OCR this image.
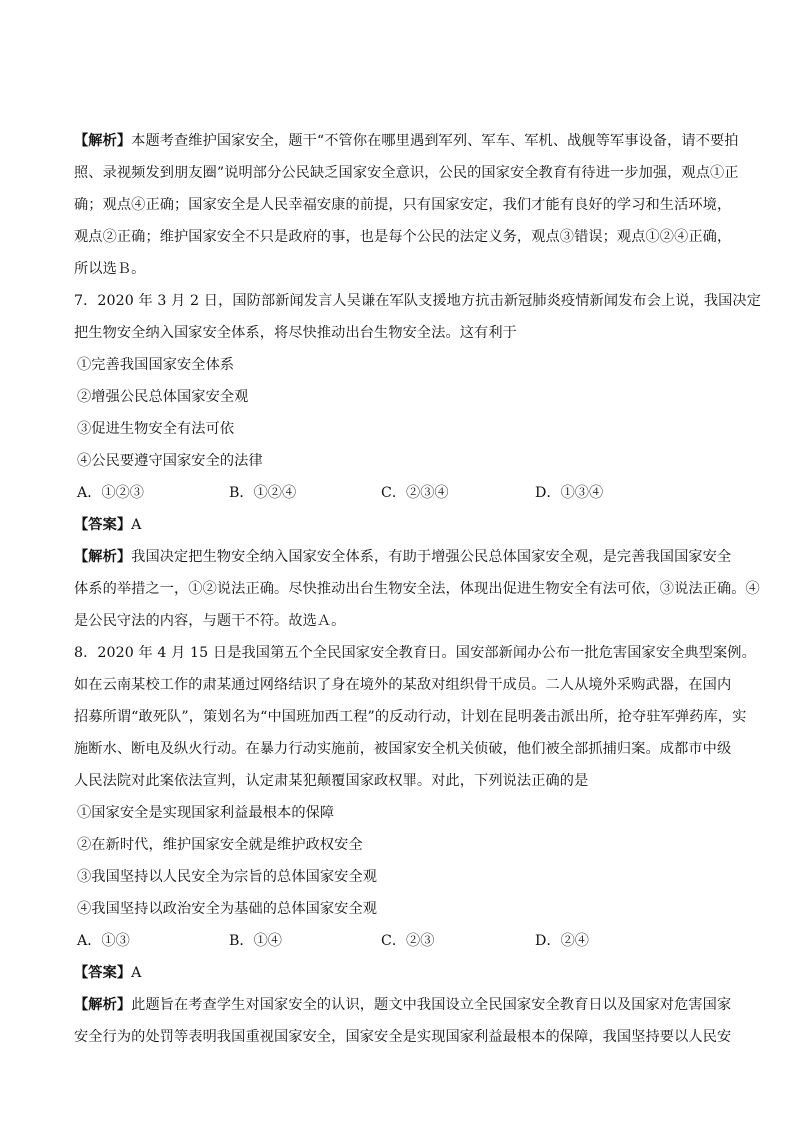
【解析】本题考查维护国家安全，题干“不管你在哪里遇到军列、军车、军机、战舰等军事设备，请不要拍
照、录视频发到朋友圈”说明部分公民缺乏国家安全意识，公民的国家安全教育有待进一步加强，观点①正
确；观点④正确；国家安全是人民幸福安康的前提，只有国家安定，我们才能有良好的学习和生活环境，
观点②正确；维护国家安全不只是政府的事，也是每个公民的法定义务，观点③错误；观点①②④正确，
所以选Ｂ。
7．2020 年 3 月 2 日，国防部新闻发言人吴谦在军队支援地方抗击新冠肺炎疫情新闻发布会上说，我国决定
把生物安全纳入国家安全体系，将尽快推动出台生物安全法。这有利于
①完善我国国家安全体系
②增强公民总体国家安全观
③促进生物安全有法可依
④公民要遵守国家安全的法律
A．①②③	B．①②④	C．②③④	D．①③④
【答案】A
【解析】我国决定把生物安全纳入国家安全体系，有助于增强公民总体国家安全观，是完善我国国家安全
体系的举措之一，①②说法正确。尽快推动出台生物安全法，体现出促进生物安全有法可依，③说法正确。④
是公民守法的内容，与题干不符。故选Ａ。
8．2020 年 4 月 15 日是我国第五个全民国家安全教育日。国安部新闻办公布一批危害国家安全典型案例。
如在云南某校工作的肃某通过网络结识了身在境外的某敌对组织骨干成员。二人从境外采购武器，在国内
招募所谓“敢死队”，策划名为“中国班加西工程”的反动行动，计划在昆明袭击派出所，抢夺驻军弹药库，实
施断水、断电及纵火行动。在暴力行动实施前，被国家安全机关侦破，他们被全部抓捕归案。成都市中级
人民法院对此案依法宣判，认定肃某犯颠覆国家政权罪。对此，下列说法正确的是
①国家安全是实现国家利益最根本的保障
②在新时代，维护国家安全就是维护政权安全
③我国坚持以人民安全为宗旨的总体国家安全观
④我国坚持以政治安全为基础的总体国家安全观
A．①③	B．①④	C．②③	D．②④
【答案】A
【解析】此题旨在考查学生对国家安全的认识，题文中我国设立全民国家安全教育日以及国家对危害国家
安全行为的处罚等表明我国重视国家安全，国家安全是实现国家利益最根本的保障，我国坚持要以人民安
